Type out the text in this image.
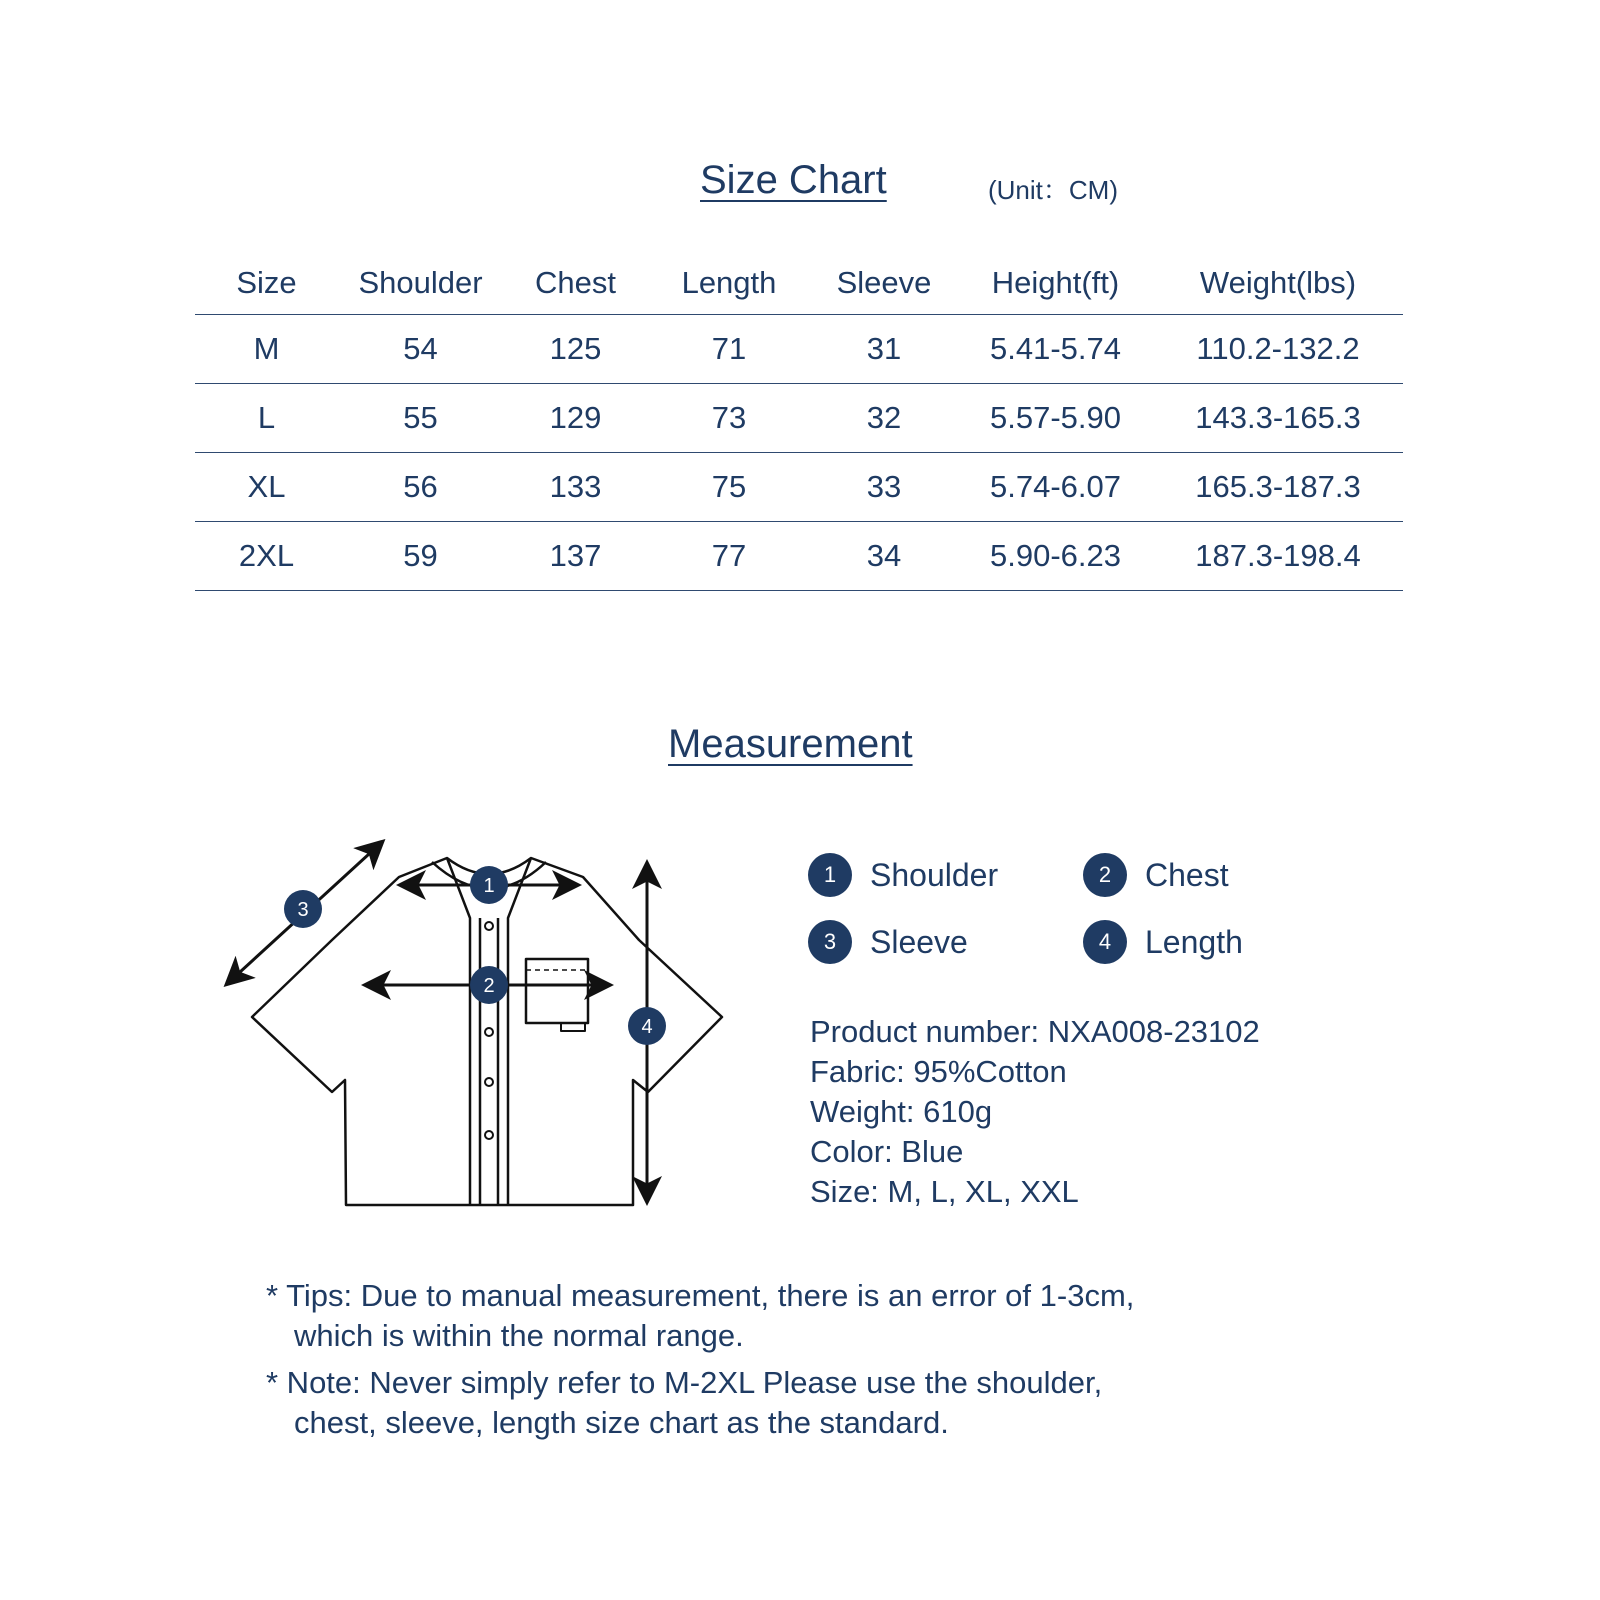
Size Chart	(Unit：CM)
Size	Shoulder	Chest	Length	Sleeve	Height(ft)	Weight(lbs)
M	54	125	71	31	5.41-5.74	110.2-132.2
L	55	129	73	32	5.57-5.90	143.3-165.3
XL	56	133	75	33	5.74-6.07	165.3-187.3
2XL	59	137	77	34	5.90-6.23	187.3-198.4
Measurement
1
2
3
4
1	Shoulder	2	Chest
3	Sleeve	4	Length
Product number: NXA008-23102
Fabric: 95%Cotton
Weight: 610g
Color: Blue
Size: M, L, XL, XXL
* Tips: Due to manual measurement, there is an error of 1-3cm,
which is within the normal range.
* Note: Never simply refer to M-2XL Please use the shoulder,
chest, sleeve, length size chart as the standard.
